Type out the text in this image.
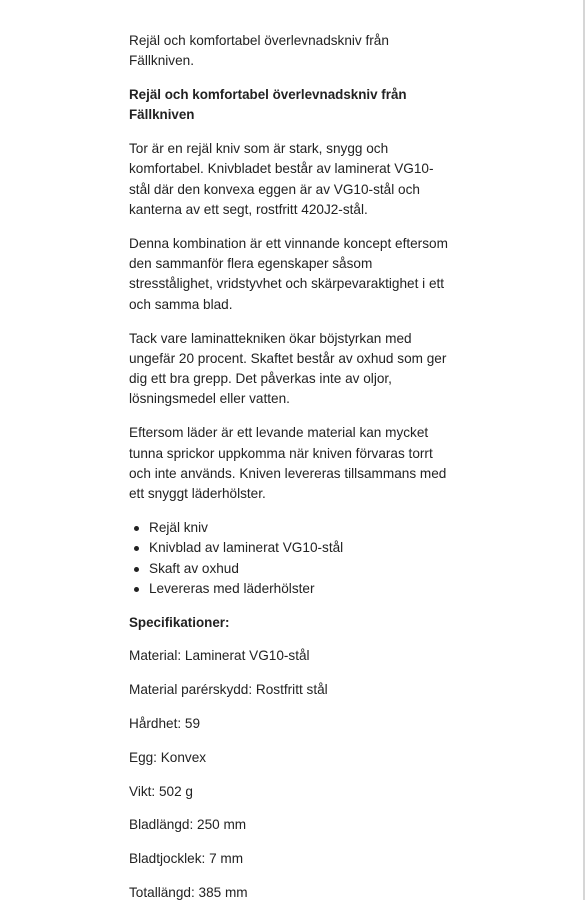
Rejäl och komfortabel överlevnadskniv från Fällkniven.

Rejäl och komfortabel överlevnadskniv från Fällkniven

Tor är en rejäl kniv som är stark, snygg och komfortabel. Knivbladet består av laminerat VG10-stål där den konvexa eggen är av VG10-stål och kanterna av ett segt, rostfritt 420J2-stål.

Denna kombination är ett vinnande koncept eftersom den sammanför flera egenskaper såsom stresstålighet, vridstyvhet och skärpevaraktighet i ett och samma blad.

Tack vare laminattekniken ökar böjstyrkan med ungefär 20 procent. Skaftet består av oxhud som ger dig ett bra grepp. Det påverkas inte av oljor, lösningsmedel eller vatten.

Eftersom läder är ett levande material kan mycket tunna sprickor uppkomma när kniven förvaras torrt och inte används. Kniven levereras tillsammans med ett snyggt läderhölster.

Rejäl kniv
Knivblad av laminerat VG10-stål
Skaft av oxhud
Levereras med läderhölster

Specifikationer:

Material: Laminerat VG10-stål

Material parérskydd: Rostfritt stål

Hårdhet: 59

Egg: Konvex

Vikt: 502 g

Bladlängd: 250 mm

Bladtjocklek: 7 mm

Totallängd: 385 mm
